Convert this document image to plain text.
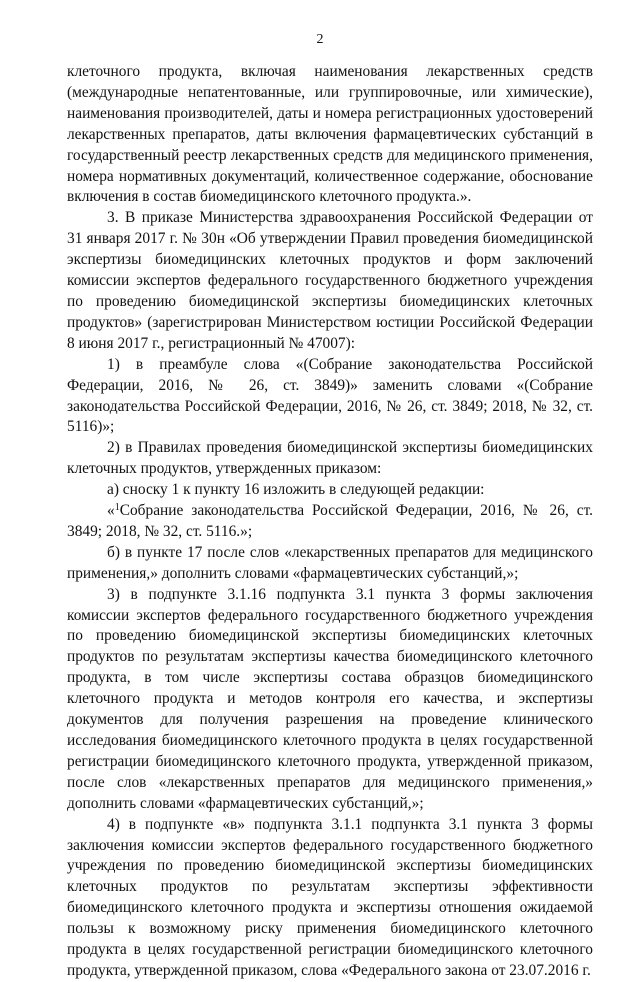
2

клеточного продукта, включая наименования лекарственных средств (международные непатентованные, или группировочные, или химические), наименования производителей, даты и номера регистрационных удостоверений лекарственных препаратов, даты включения фармацевтических субстанций в государственный реестр лекарственных средств для медицинского применения, номера нормативных документаций, количественное содержание, обоснование включения в состав биомедицинского клеточного продукта.».

3. В приказе Министерства здравоохранения Российской Федерации от 31 января 2017 г. № 30н «Об утверждении Правил проведения биомедицинской экспертизы биомедицинских клеточных продуктов и форм заключений комиссии экспертов федерального государственного бюджетного учреждения по проведению биомедицинской экспертизы биомедицинских клеточных продуктов» (зарегистрирован Министерством юстиции Российской Федерации 8 июня 2017 г., регистрационный № 47007):

1) в преамбуле слова «(Собрание законодательства Российской Федерации, 2016, № 26, ст. 3849)» заменить словами «(Собрание законодательства Российской Федерации, 2016, № 26, ст. 3849; 2018, № 32, ст. 5116)»;

2) в Правилах проведения биомедицинской экспертизы биомедицинских клеточных продуктов, утвержденных приказом:

а) сноску 1 к пункту 16 изложить в следующей редакции:

«$^1$Собрание законодательства Российской Федерации, 2016, № 26, ст. 3849; 2018, № 32, ст. 5116.»;

б) в пункте 17 после слов «лекарственных препаратов для медицинского применения,» дополнить словами «фармацевтических субстанций,»;

3) в подпункте 3.1.16 подпункта 3.1 пункта 3 формы заключения комиссии экспертов федерального государственного бюджетного учреждения по проведению биомедицинской экспертизы биомедицинских клеточных продуктов по результатам экспертизы качества биомедицинского клеточного продукта, в том числе экспертизы состава образцов биомедицинского клеточного продукта и методов контроля его качества, и экспертизы документов для получения разрешения на проведение клинического исследования биомедицинского клеточного продукта в целях государственной регистрации биомедицинского клеточного продукта, утвержденной приказом, после слов «лекарственных препаратов для медицинского применения,» дополнить словами «фармацевтических субстанций,»;

4) в подпункте «в» подпункта 3.1.1 подпункта 3.1 пункта 3 формы заключения комиссии экспертов федерального государственного бюджетного учреждения по проведению биомедицинской экспертизы биомедицинских клеточных продуктов по результатам экспертизы эффективности биомедицинского клеточного продукта и экспертизы отношения ожидаемой пользы к возможному риску применения биомедицинского клеточного продукта в целях государственной регистрации биомедицинского клеточного продукта, утвержденной приказом, слова «Федерального закона от 23.07.2016 г.
